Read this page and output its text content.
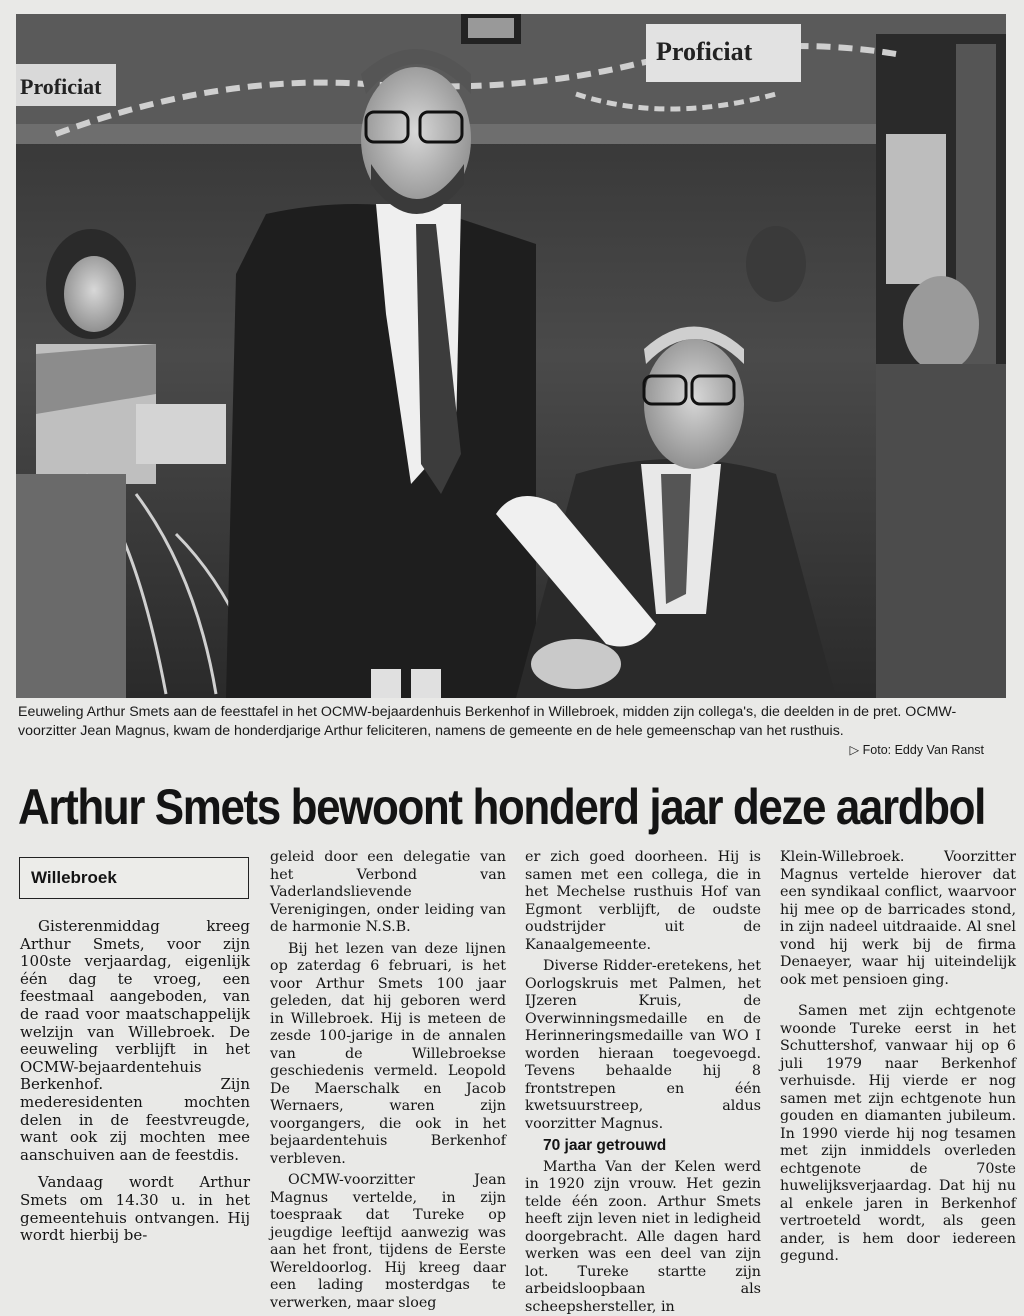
Proficiat
Proficiat
Eeuweling Arthur Smets aan de feesttafel in het OCMW-bejaardenhuis Berkenhof in Willebroek, midden zijn collega's, die deelden in de pret. OCMW-voorzitter Jean Magnus, kwam de honderdjarige Arthur feliciteren, namens de gemeente en de hele gemeenschap van het rusthuis.
▷ Foto: Eddy Van Ranst
Arthur Smets bewoont honderd jaar deze aardbol
Willebroek

Gisterenmiddag kreeg Arthur Smets, voor zijn 100ste verjaardag, eigenlijk één dag te vroeg, een feestmaal aangeboden, van de raad voor maatschappelijk welzijn van Willebroek. De eeuweling verblijft in het OCMW-bejaardentehuis Berkenhof. Zijn mederesidenten mochten delen in de feestvreugde, want ook zij mochten mee aanschuiven aan de feestdis.

Vandaag wordt Arthur Smets om 14.30 u. in het gemeentehuis ontvangen. Hij wordt hierbij be-

geleid door een delegatie van het Verbond van Vaderlandslievende Verenigingen, onder leiding van de harmonie N.S.B.

Bij het lezen van deze lijnen op zaterdag 6 februari, is het voor Arthur Smets 100 jaar geleden, dat hij geboren werd in Willebroek. Hij is meteen de zesde 100-jarige in de annalen van de Willebroekse geschiedenis vermeld. Leopold De Maerschalk en Jacob Wernaers, waren zijn voorgangers, die ook in het bejaardentehuis Berkenhof verbleven.

OCMW-voorzitter Jean Magnus vertelde, in zijn toespraak dat Tureke op jeugdige leeftijd aanwezig was aan het front, tijdens de Eerste Wereldoorlog. Hij kreeg daar een lading mosterdgas te verwerken, maar sloeg

er zich goed doorheen. Hij is samen met een collega, die in het Mechelse rusthuis Hof van Egmont verblijft, de oudste oudstrijder uit de Kanaalgemeente.

Diverse Ridder-eretekens, het Oorlogskruis met Palmen, het IJzeren Kruis, de Overwinningsmedaille en de Herinneringsmedaille van WO I worden hieraan toegevoegd. Tevens behaalde hij 8 frontstrepen en één kwetsuurstreep, aldus voorzitter Magnus.

70 jaar getrouwd

Martha Van der Kelen werd in 1920 zijn vrouw. Het gezin telde één zoon. Arthur Smets heeft zijn leven niet in ledigheid doorgebracht. Alle dagen hard werken was een deel van zijn lot. Tureke startte zijn arbeidsloopbaan als scheepshersteller, in

Klein-Willebroek. Voorzitter Magnus vertelde hierover dat een syndikaal conflict, waarvoor hij mee op de barricades stond, in zijn nadeel uitdraaide. Al snel vond hij werk bij de firma Denaeyer, waar hij uiteindelijk ook met pensioen ging.

Samen met zijn echtgenote woonde Tureke eerst in het Schuttershof, vanwaar hij op 6 juli 1979 naar Berkenhof verhuisde. Hij vierde er nog samen met zijn echtgenote hun gouden en diamanten jubileum. In 1990 vierde hij nog tesamen met zijn inmiddels overleden echtgenote de 70ste huwelijksverjaardag. Dat hij nu al enkele jaren in Berkenhof vertroeteld wordt, als geen ander, is hem door iedereen gegund.
